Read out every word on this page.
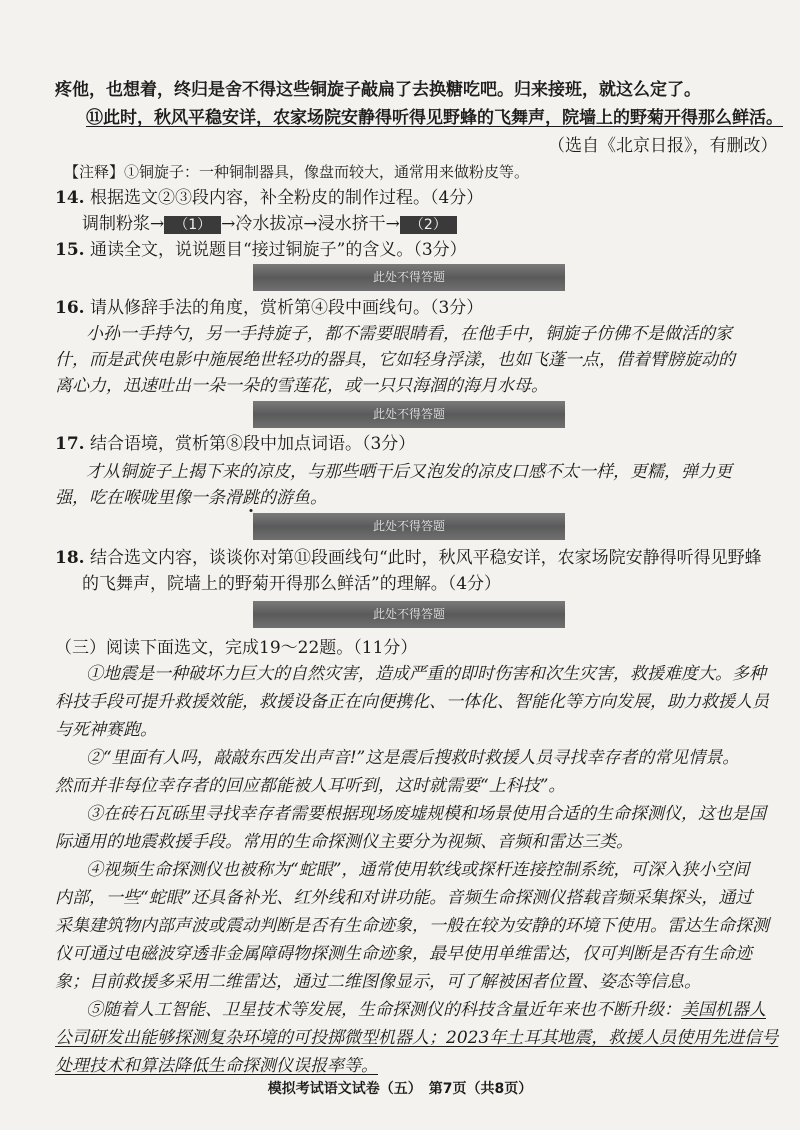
疼他，也想着，终归是舍不得这些铜旋子敲扁了去换糖吃吧。归来接班，就这么定了。
⑪此时，秋风平稳安详，农家场院安静得听得见野蜂的飞舞声，院墙上的野菊开得那么鲜活。
（选自《北京日报》，有删改）
【注释】①铜旋子：一种铜制器具，像盘而较大，通常用来做粉皮等。
14. 根据选文②③段内容，补全粉皮的制作过程。（4分）
调制粉浆→ （1） →冷水拔凉→浸水挤干→ （2）
15. 通读全文，说说题目“接过铜旋子”的含义。（3分）
此处不得答题
16. 请从修辞手法的角度，赏析第④段中画线句。（3分）
小孙一手持勺，另一手持旋子，都不需要眼睛看，在他手中，铜旋子仿佛不是做活的家
什，而是武侠电影中施展绝世轻功的器具，它如轻身浮漾，也如飞蓬一点，借着臂膀旋动的
离心力，迅速吐出一朵一朵的雪莲花，或一只只海涸的海月水母。
此处不得答题
17. 结合语境，赏析第⑧段中加点词语。（3分）
才从铜旋子上揭下来的凉皮，与那些晒干后又泡发的凉皮口感不太一样，更糯，弹力更
强，吃在喉咙里像一条滑跳的游鱼。
此处不得答题
18. 结合选文内容，谈谈你对第⑪段画线句“此时，秋风平稳安详，农家场院安静得听得见野蜂
的飞舞声，院墙上的野菊开得那么鲜活”的理解。（4分）
此处不得答题
（三）阅读下面选文，完成19～22题。（11分）
①地震是一种破坏力巨大的自然灾害，造成严重的即时伤害和次生灾害，救援难度大。多种
科技手段可提升救援效能，救援设备正在向便携化、一体化、智能化等方向发展，助力救援人员
与死神赛跑。
②“里面有人吗，敲敲东西发出声音!”这是震后搜救时救援人员寻找幸存者的常见情景。
然而并非每位幸存者的回应都能被人耳听到，这时就需要“上科技”。
③在砖石瓦砾里寻找幸存者需要根据现场废墟规模和场景使用合适的生命探测仪，这也是国
际通用的地震救援手段。常用的生命探测仪主要分为视频、音频和雷达三类。
④视频生命探测仪也被称为“蛇眼”，通常使用软线或探杆连接控制系统，可深入狭小空间
内部，一些“蛇眼”还具备补光、红外线和对讲功能。音频生命探测仪搭载音频采集探头，通过
采集建筑物内部声波或震动判断是否有生命迹象，一般在较为安静的环境下使用。雷达生命探测
仪可通过电磁波穿透非金属障碍物探测生命迹象，最早使用单维雷达，仅可判断是否有生命迹
象；目前救援多采用二维雷达，通过二维图像显示，可了解被困者位置、姿态等信息。
⑤随着人工智能、卫星技术等发展，生命探测仪的科技含量近年来也不断升级：美国机器人
公司研发出能够探测复杂环境的可投掷微型机器人；2023年土耳其地震，救援人员使用先进信号
处理技术和算法降低生命探测仪误报率等。
模拟考试语文试卷（五）　第7页（共8页）
